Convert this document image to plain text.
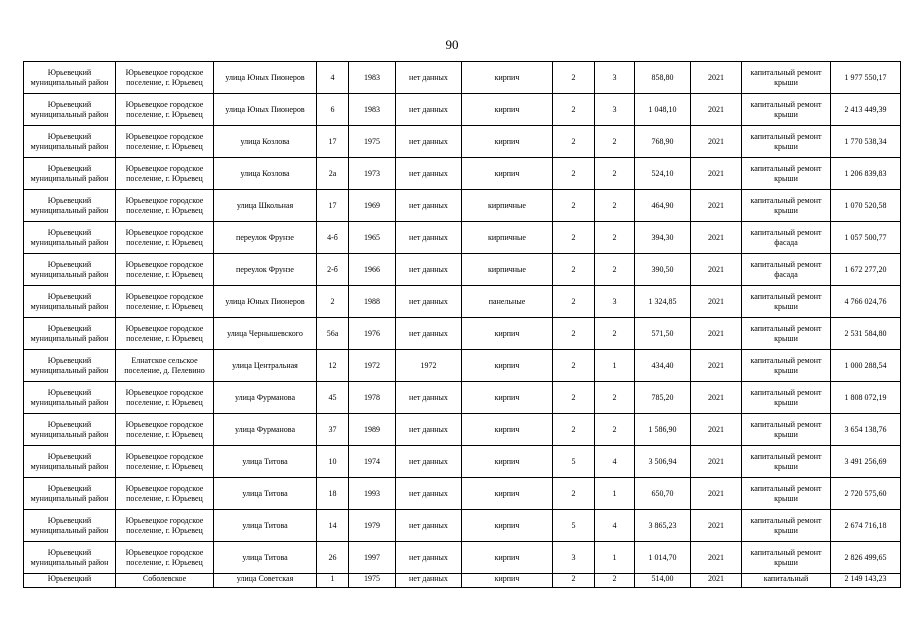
90
Юрьевецкий муниципальный район	Юрьевецкое городское поселение, г. Юрьевец	улица Юных Пионеров	4	1983	нет данных	кирпич	2	3	858,80	2021	капитальный ремонт крыши	1 977 550,17
Юрьевецкий муниципальный район	Юрьевецкое городское поселение, г. Юрьевец	улица Юных Пионеров	6	1983	нет данных	кирпич	2	3	1 048,10	2021	капитальный ремонт крыши	2 413 449,39
Юрьевецкий муниципальный район	Юрьевецкое городское поселение, г. Юрьевец	улица Козлова	17	1975	нет данных	кирпич	2	2	768,90	2021	капитальный ремонт крыши	1 770 538,34
Юрьевецкий муниципальный район	Юрьевецкое городское поселение, г. Юрьевец	улица Козлова	2а	1973	нет данных	кирпич	2	2	524,10	2021	капитальный ремонт крыши	1 206 839,83
Юрьевецкий муниципальный район	Юрьевецкое городское поселение, г. Юрьевец	улица Школьная	17	1969	нет данных	кирпичные	2	2	464,90	2021	капитальный ремонт крыши	1 070 520,58
Юрьевецкий муниципальный район	Юрьевецкое городское поселение, г. Юрьевец	переулок Фрунзе	4-б	1965	нет данных	кирпичные	2	2	394,30	2021	капитальный ремонт фасада	1 057 500,77
Юрьевецкий муниципальный район	Юрьевецкое городское поселение, г. Юрьевец	переулок Фрунзе	2-б	1966	нет данных	кирпичные	2	2	390,50	2021	капитальный ремонт фасада	1 672 277,20
Юрьевецкий муниципальный район	Юрьевецкое городское поселение, г. Юрьевец	улица Юных Пионеров	2	1988	нет данных	панельные	2	3	1 324,85	2021	капитальный ремонт крыши	4 766 024,76
Юрьевецкий муниципальный район	Юрьевецкое городское поселение, г. Юрьевец	улица Чернышевского	56а	1976	нет данных	кирпич	2	2	571,50	2021	капитальный ремонт крыши	2 531 584,80
Юрьевецкий муниципальный район	Елнатское сельское поселение, д. Пелевино	улица Центральная	12	1972	1972	кирпич	2	1	434,40	2021	капитальный ремонт крыши	1 000 288,54
Юрьевецкий муниципальный район	Юрьевецкое городское поселение, г. Юрьевец	улица Фурманова	45	1978	нет данных	кирпич	2	2	785,20	2021	капитальный ремонт крыши	1 808 072,19
Юрьевецкий муниципальный район	Юрьевецкое городское поселение, г. Юрьевец	улица Фурманова	37	1989	нет данных	кирпич	2	2	1 586,90	2021	капитальный ремонт крыши	3 654 138,76
Юрьевецкий муниципальный район	Юрьевецкое городское поселение, г. Юрьевец	улица Титова	10	1974	нет данных	кирпич	5	4	3 506,94	2021	капитальный ремонт крыши	3 491 256,69
Юрьевецкий муниципальный район	Юрьевецкое городское поселение, г. Юрьевец	улица Титова	18	1993	нет данных	кирпич	2	1	650,70	2021	капитальный ремонт крыши	2 720 575,60
Юрьевецкий муниципальный район	Юрьевецкое городское поселение, г. Юрьевец	улица Титова	14	1979	нет данных	кирпич	5	4	3 865,23	2021	капитальный ремонт крыши	2 674 716,18
Юрьевецкий муниципальный район	Юрьевецкое городское поселение, г. Юрьевец	улица Титова	26	1997	нет данных	кирпич	3	1	1 014,70	2021	капитальный ремонт крыши	2 826 499,65
Юрьевецкий	Соболевское	улица Советская	1	1975	нет данных	кирпич	2	2	514,00	2021	капитальный	2 149 143,23
